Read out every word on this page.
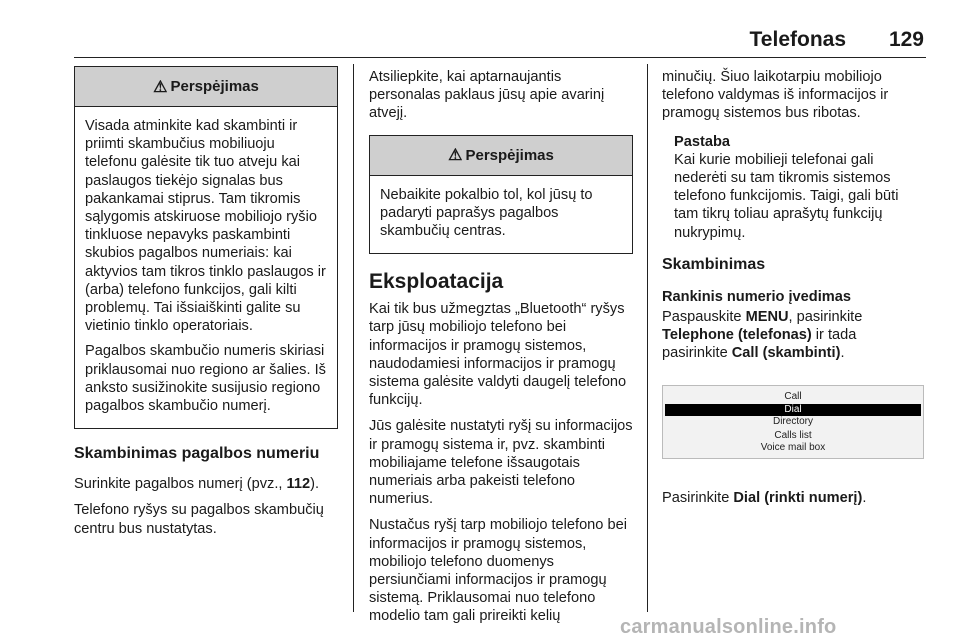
Telefonas 129
⚠ Perspėjimas

Visada atminkite kad skambinti ir priimti skambučius mobiliuoju telefonu galėsite tik tuo atveju kai paslaugos tiekėjo signalas bus pakankamai stiprus. Tam tikromis sąlygomis atskiruose mobiliojo ryšio tinkluose nepavyks paskambinti skubios pagalbos numeriais: kai aktyvios tam tikros tinklo paslaugos ir (arba) telefono funkcijos, gali kilti problemų. Tai išsiaiškinti galite su vietinio tinklo operatoriais.

Pagalbos skambučio numeris skiriasi priklausomai nuo regiono ar šalies. Iš anksto susižinokite susijusio regiono pagalbos skambučio numerį.

Skambinimas pagalbos numeriu

Surinkite pagalbos numerį (pvz., 112).

Telefono ryšys su pagalbos skambučių centru bus nustatytas.

Atsiliepkite, kai aptarnaujantis personalas paklaus jūsų apie avarinį atvejį.

⚠ Perspėjimas

Nebaikite pokalbio tol, kol jūsų to padaryti paprašys pagalbos skambučių centras.

Eksploatacija

Kai tik bus užmegztas „Bluetooth“ ryšys tarp jūsų mobiliojo telefono bei informacijos ir pramogų sistemos, naudodamiesi informacijos ir pramogų sistema galėsite valdyti daugelį telefono funkcijų.

Jūs galėsite nustatyti ryšį su informacijos ir pramogų sistema ir, pvz. skambinti mobiliajame telefone išsaugotais numeriais arba pakeisti telefono numerius.

Nustačus ryšį tarp mobiliojo telefono bei informacijos ir pramogų sistemos, mobiliojo telefono duomenys persiunčiami informacijos ir pramogų sistemą. Priklausomai nuo telefono modelio tam gali prireikti kelių

minučių. Šiuo laikotarpiu mobiliojo telefono valdymas iš informacijos ir pramogų sistemos bus ribotas.

Pastaba
Kai kurie mobilieji telefonai gali nederėti su tam tikromis sistemos telefono funkcijomis. Taigi, gali būti tam tikrų toliau aprašytų funkcijų nukrypimų.
Skambinimas
Rankinis numerio įvedimas

Paspauskite MENU, pasirinkite Telephone (telefonas) ir tada pasirinkite Call (skambinti).

Call
Dial
Directory
Calls list
Voice mail box

Pasirinkite Dial (rinkti numerį).

carmanualsonline.info
